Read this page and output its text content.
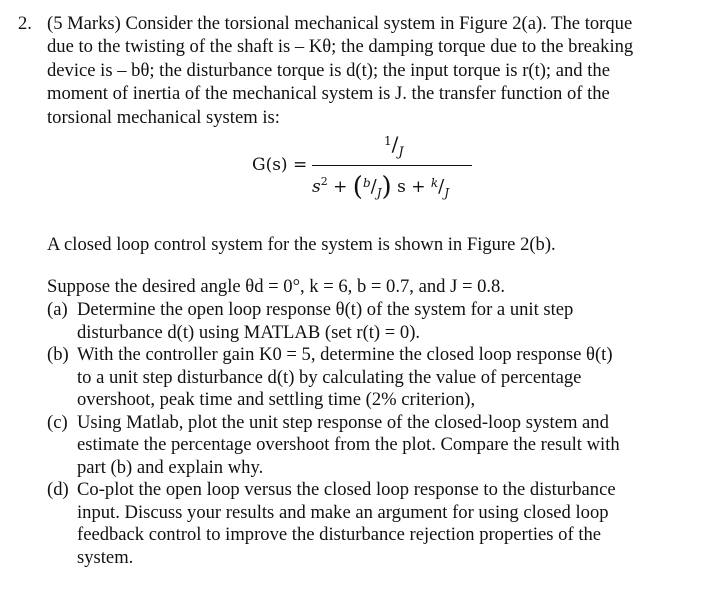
2. (5 Marks) Consider the torsional mechanical system in Figure 2(a). The torque
due to the twisting of the shaft is – Kθ; the damping torque due to the breaking
device is – bθ; the disturbance torque is d(t); the input torque is r(t); and the
moment of inertia of the mechanical system is J. the transfer function of the
torsional mechanical system is:
G(s) =
$^1/_J$
$s^2 + (^b/_J) s + ^k/_J$
A closed loop control system for the system is shown in Figure 2(b).
Suppose the desired angle θd = 0°, k = 6, b = 0.7, and J = 0.8.
(a) Determine the open loop response θ(t) of the system for a unit step
disturbance d(t) using MATLAB (set r(t) = 0).
(b) With the controller gain K0 = 5, determine the closed loop response θ(t)
to a unit step disturbance d(t) by calculating the value of percentage
overshoot, peak time and settling time (2% criterion),
(c) Using Matlab, plot the unit step response of the closed-loop system and
estimate the percentage overshoot from the plot. Compare the result with
part (b) and explain why.
(d) Co-plot the open loop versus the closed loop response to the disturbance
input. Discuss your results and make an argument for using closed loop
feedback control to improve the disturbance rejection properties of the
system.
